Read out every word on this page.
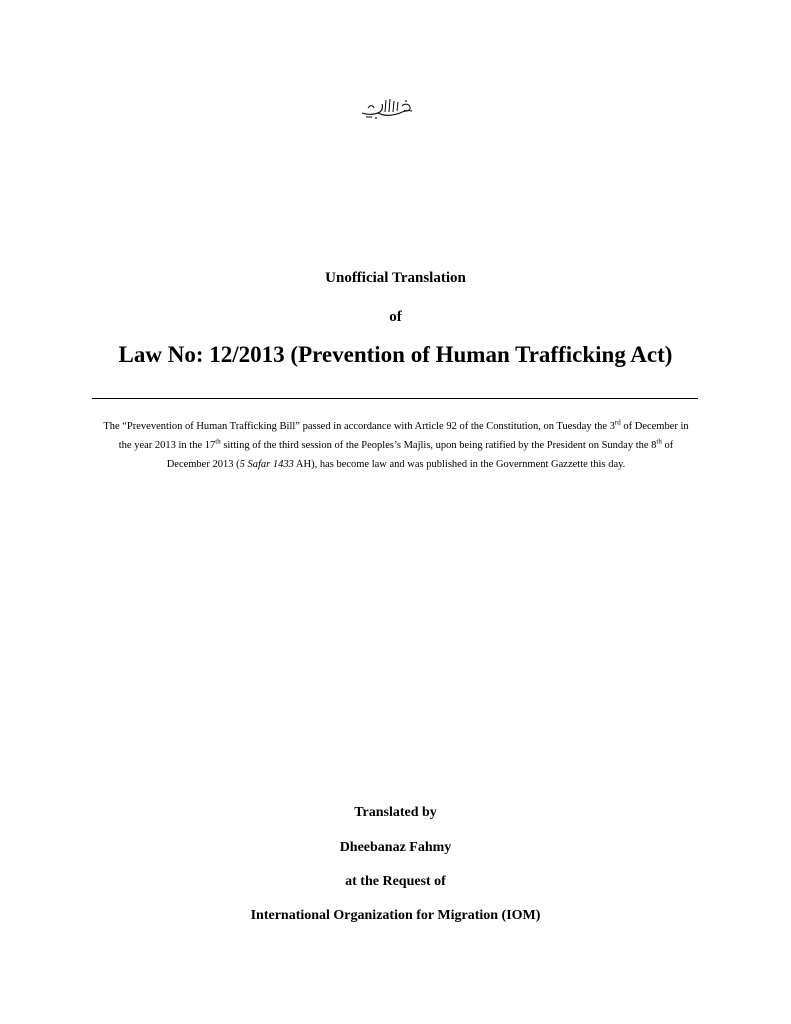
Unofficial Translation
of
Law No: 12/2013 (Prevention of Human Trafficking Act)
The “Prevevention of Human Trafficking Bill” passed in accordance with Article 92 of the Constitution, on Tuesday the 3rd of December in the year 2013 in the 17th sitting of the third session of the Peoples’s Majlis, upon being ratified by the President on Sunday the 8th of December 2013 (5 Safar 1433 AH), has become law and was published in the Government Gazzette this day.
Translated by
Dheebanaz Fahmy
at the Request of
International Organization for Migration (IOM)
